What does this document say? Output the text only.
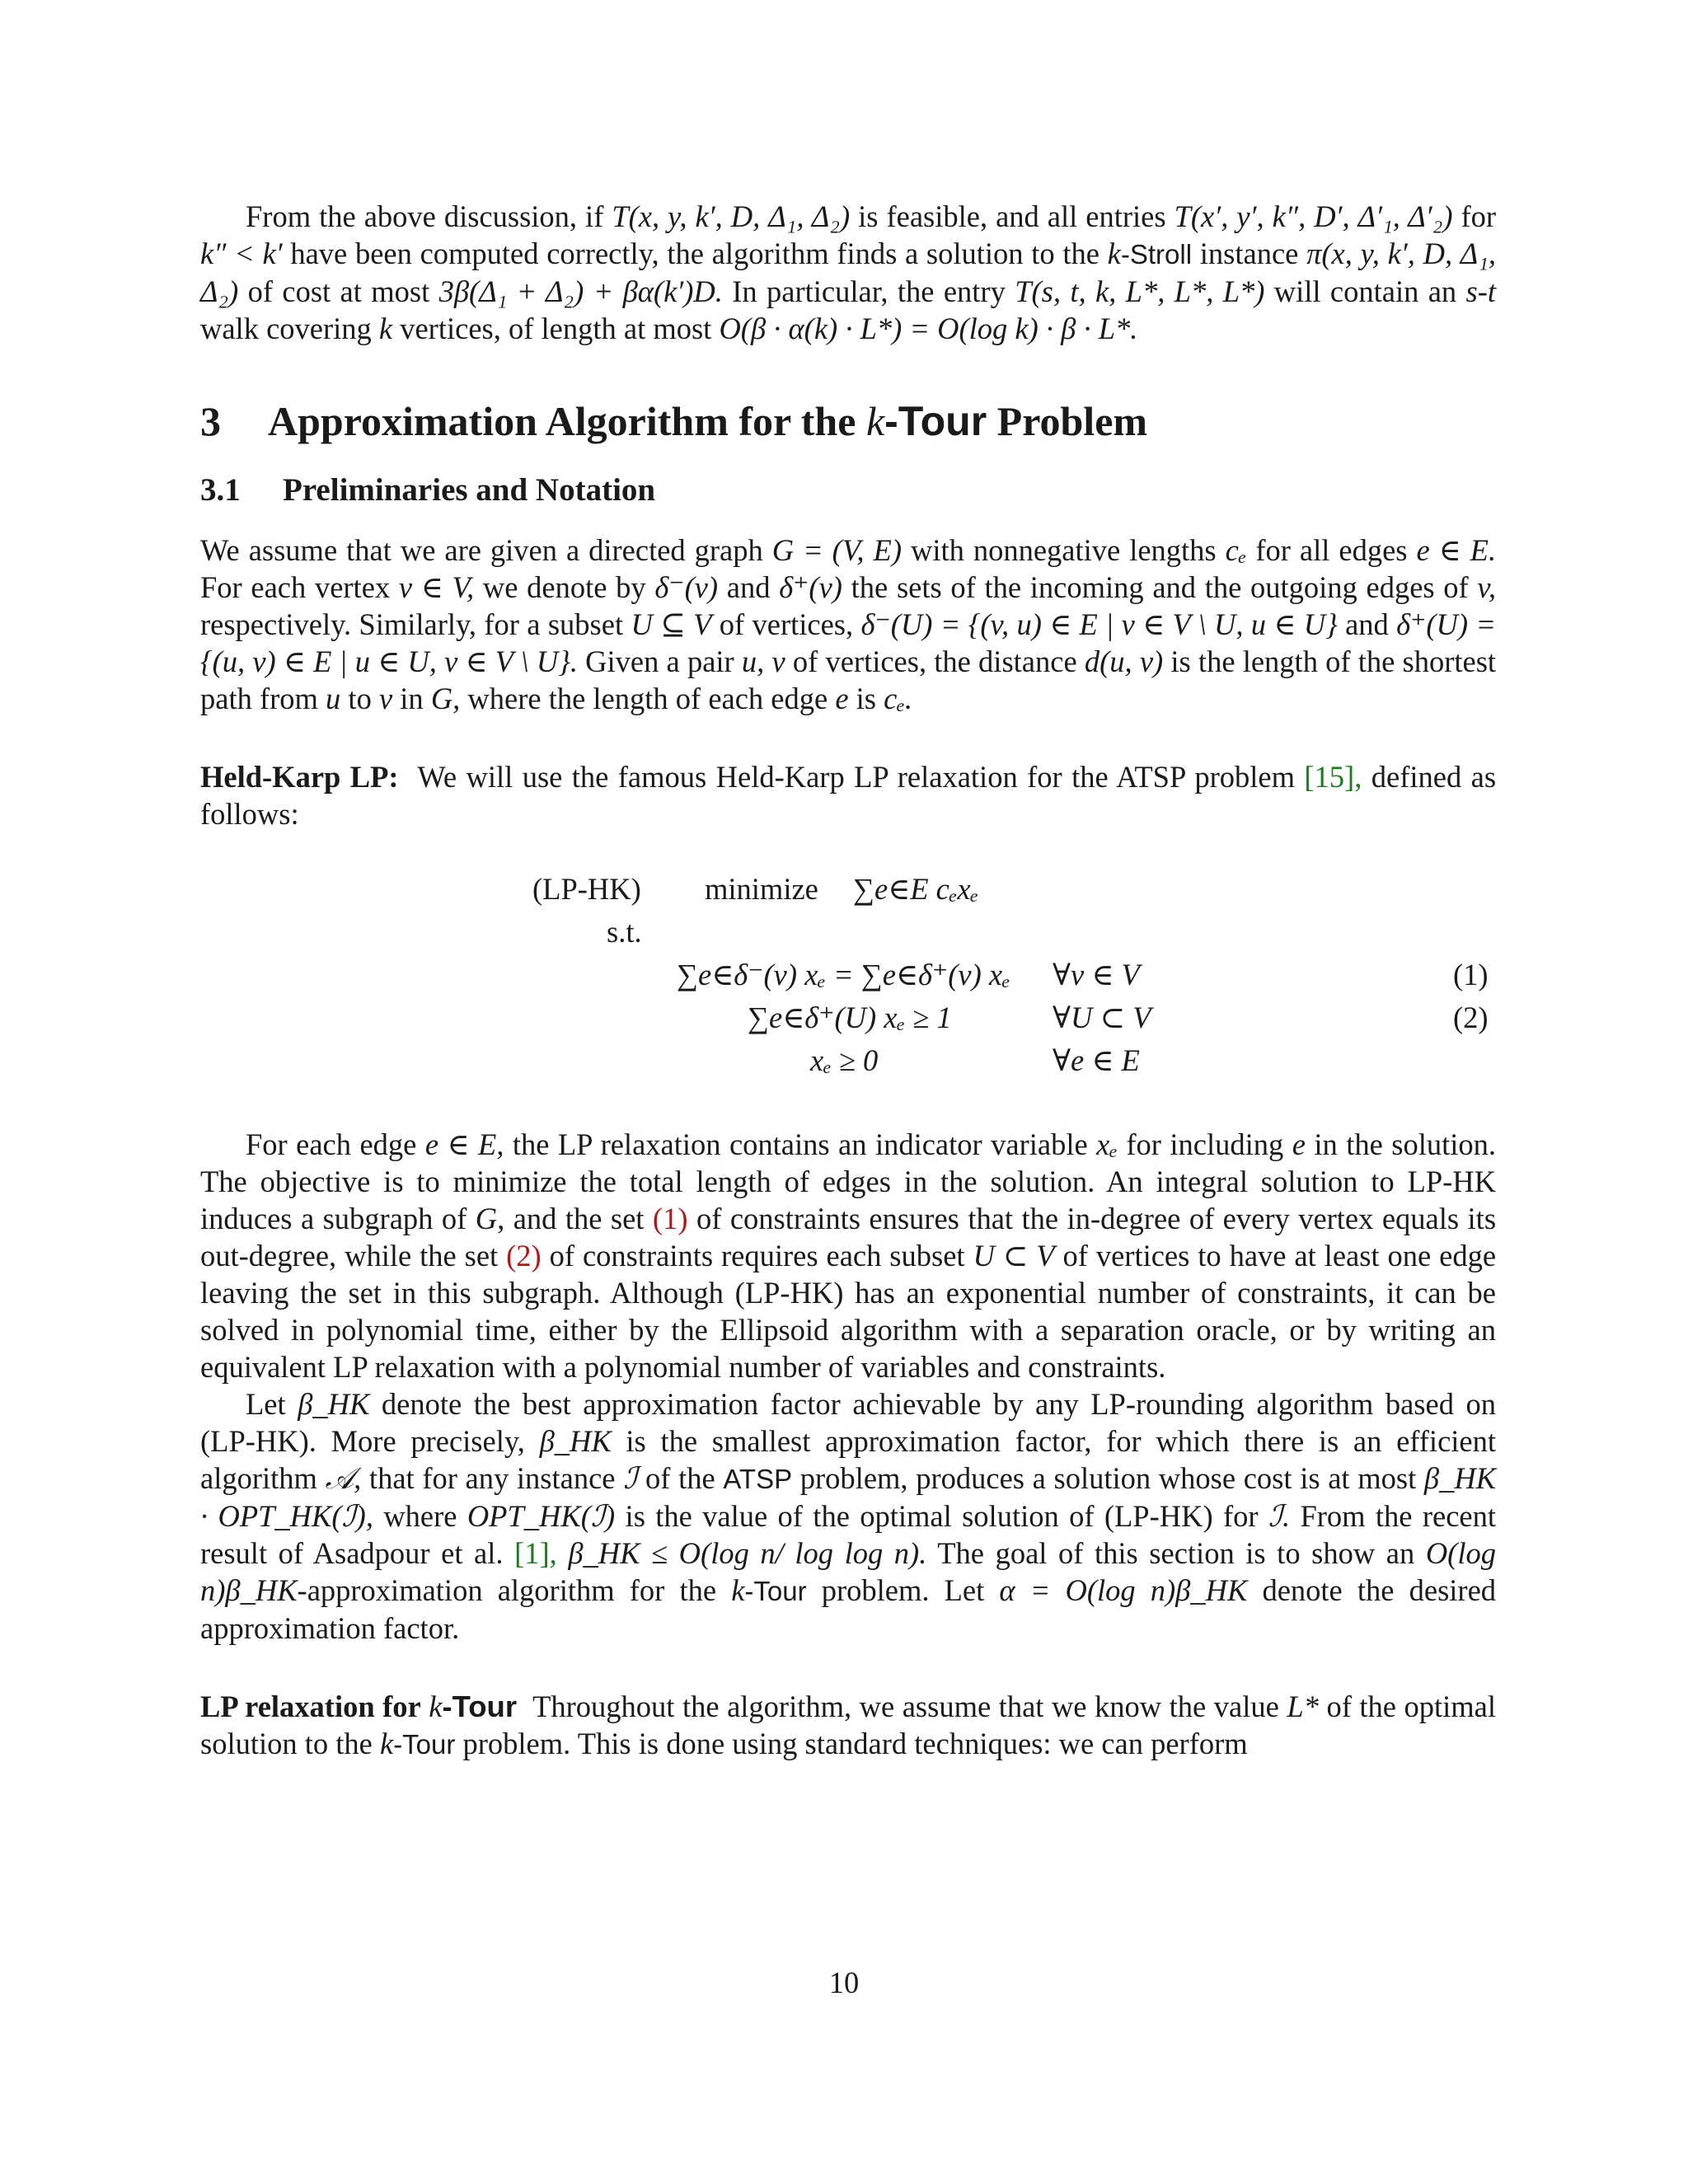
From the above discussion, if T(x, y, k′, D, Δ₁, Δ₂) is feasible, and all entries T(x′, y′, k″, D′, Δ′₁, Δ′₂) for k″ < k′ have been computed correctly, the algorithm finds a solution to the k-Stroll instance π(x, y, k′, D, Δ₁, Δ₂) of cost at most 3β(Δ₁ + Δ₂) + βα(k′)D. In particular, the entry T(s, t, k, L*, L*, L*) will contain an s-t walk covering k vertices, of length at most O(β · α(k) · L*) = O(log k) · β · L*.

3 Approximation Algorithm for the k-Tour Problem
3.1 Preliminaries and Notation

We assume that we are given a directed graph G = (V, E) with nonnegative lengths cₑ for all edges e ∈ E. For each vertex v ∈ V, we denote by δ⁻(v) and δ⁺(v) the sets of the incoming and the outgoing edges of v, respectively. Similarly, for a subset U ⊆ V of vertices, δ⁻(U) = {(v, u) ∈ E | v ∈ V \ U, u ∈ U} and δ⁺(U) = {(u, v) ∈ E | u ∈ U, v ∈ V \ U}. Given a pair u, v of vertices, the distance d(u, v) is the length of the shortest path from u to v in G, where the length of each edge e is cₑ.

Held-Karp LP: We will use the famous Held-Karp LP relaxation for the ATSP problem [15], defined as follows:

(LP-HK) minimize ∑e∈E cₑxₑ
s.t.
∑e∈δ⁻(v) xₑ = ∑e∈δ⁺(v) xₑ ∀v ∈ V	(1)
∑e∈δ⁺(U) xₑ ≥ 1	∀U ⊂ V	(2)
xₑ ≥ 0	∀e ∈ E

For each edge e ∈ E, the LP relaxation contains an indicator variable xₑ for including e in the solution. The objective is to minimize the total length of edges in the solution. An integral solution to LP-HK induces a subgraph of G, and the set (1) of constraints ensures that the in-degree of every vertex equals its out-degree, while the set (2) of constraints requires each subset U ⊂ V of vertices to have at least one edge leaving the set in this subgraph. Although (LP-HK) has an exponential number of constraints, it can be solved in polynomial time, either by the Ellipsoid algorithm with a separation oracle, or by writing an equivalent LP relaxation with a polynomial number of variables and constraints.

Let β_HK denote the best approximation factor achievable by any LP-rounding algorithm based on (LP-HK). More precisely, β_HK is the smallest approximation factor, for which there is an efficient algorithm 𝒜, that for any instance ℐ of the ATSP problem, produces a solution whose cost is at most β_HK · OPT_HK(ℐ), where OPT_HK(ℐ) is the value of the optimal solution of (LP-HK) for ℐ. From the recent result of Asadpour et al. [1], β_HK ≤ O(log n/ log log n). The goal of this section is to show an O(log n)β_HK-approximation algorithm for the k-Tour problem. Let α = O(log n)β_HK denote the desired approximation factor.

LP relaxation for k-Tour Throughout the algorithm, we assume that we know the value L* of the optimal solution to the k-Tour problem. This is done using standard techniques: we can perform

10
